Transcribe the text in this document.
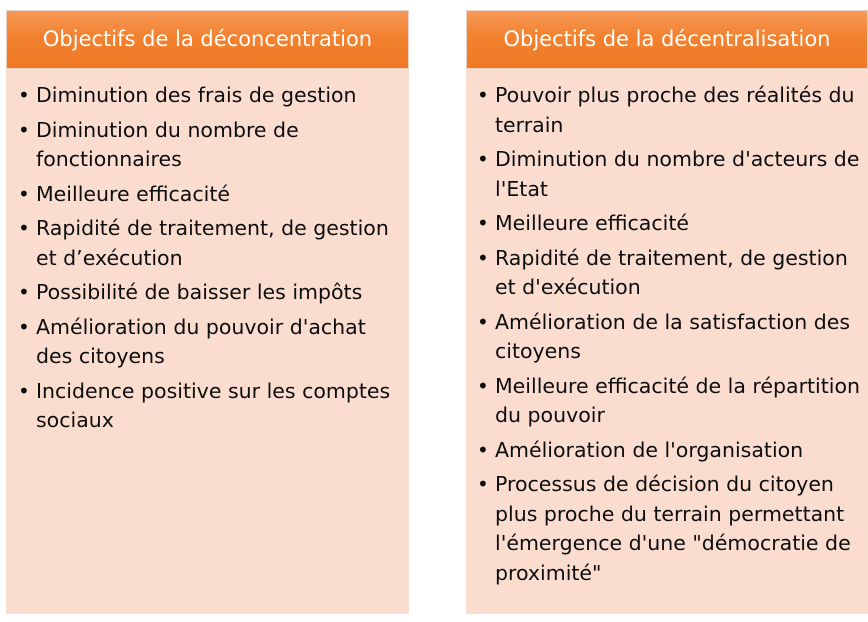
Objectifs de la déconcentration
• Diminution des frais de gestion
• Diminution du nombre de fonctionnaires
• Meilleure efficacité
• Rapidité de traitement, de gestion et d’exécution
• Possibilité de baisser les impôts
• Amélioration du pouvoir d'achat des citoyens
• Incidence positive sur les comptes sociaux
Objectifs de la décentralisation
• Pouvoir plus proche des réalités du terrain
• Diminution du nombre d'acteurs de l'Etat
• Meilleure efficacité
• Rapidité de traitement, de gestion et d'exécution
• Amélioration de la satisfaction des citoyens
• Meilleure efficacité de la répartition du pouvoir
• Amélioration de l'organisation
• Processus de décision du citoyen plus proche du terrain permettant l'émergence d'une "démocratie de proximité"
